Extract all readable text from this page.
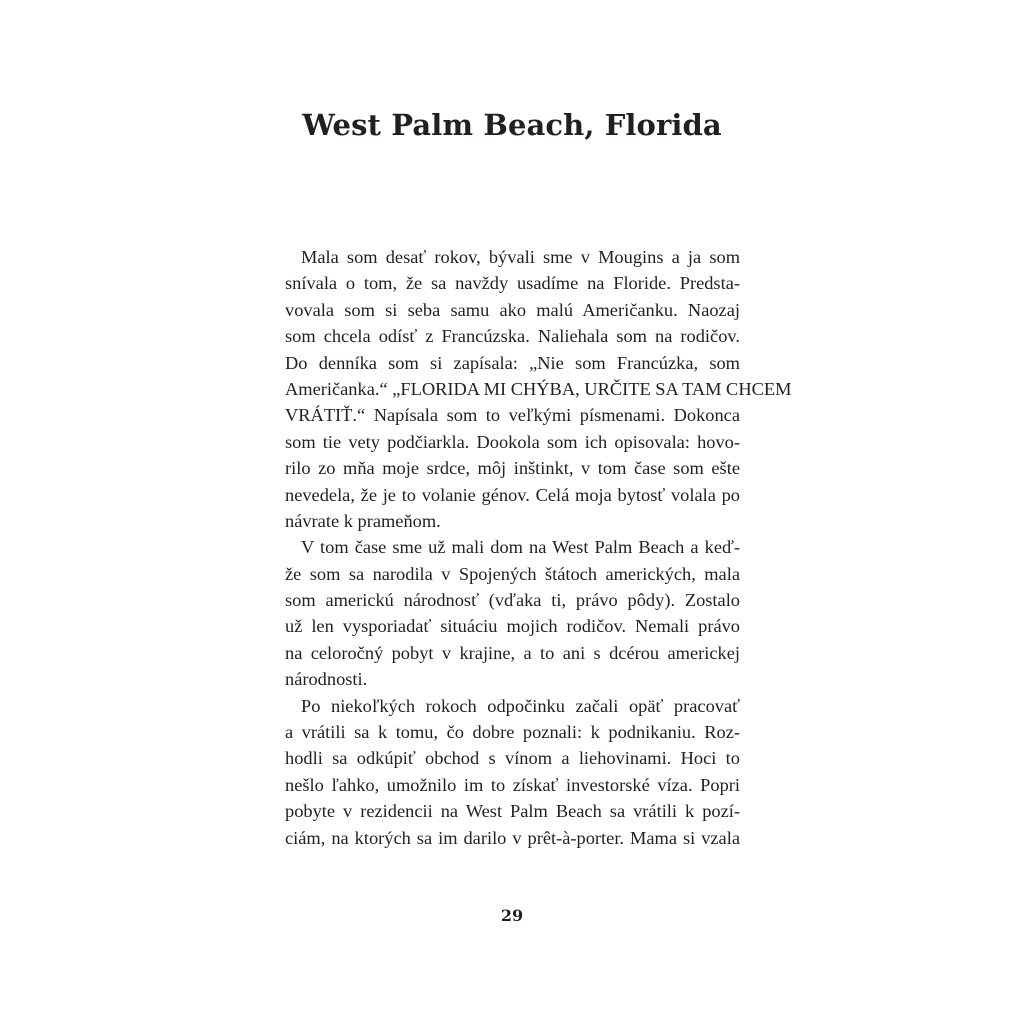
West Palm Beach, Florida
Mala som desať rokov, bývali sme v Mougins a ja som
snívala o tom, že sa navždy usadíme na Floride. Predsta-
vovala som si seba samu ako malú Američanku. Naozaj
som chcela odísť z Francúzska. Naliehala som na rodičov.
Do denníka som si zapísala: „Nie som Francúzka, som
Američanka.“ „FLORIDA MI CHÝBA, URČITE SA TAM CHCEM
VRÁTIŤ.“ Napísala som to veľkými písmenami. Dokonca
som tie vety podčiarkla. Dookola som ich opisovala: hovo-
rilo zo mňa moje srdce, môj inštinkt, v tom čase som ešte
nevedela, že je to volanie génov. Celá moja bytosť volala po
návrate k prameňom.
V tom čase sme už mali dom na West Palm Beach a keď-
že som sa narodila v Spojených štátoch amerických, mala
som americkú národnosť (vďaka ti, právo pôdy). Zostalo
už len vysporiadať situáciu mojich rodičov. Nemali právo
na celoročný pobyt v krajine, a to ani s dcérou americkej
národnosti.
Po niekoľkých rokoch odpočinku začali opäť pracovať
a vrátili sa k tomu, čo dobre poznali: k podnikaniu. Roz-
hodli sa odkúpiť obchod s vínom a liehovinami. Hoci to
nešlo ľahko, umožnilo im to získať investorské víza. Popri
pobyte v rezidencii na West Palm Beach sa vrátili k pozí-
ciám, na ktorých sa im darilo v prêt-à-porter. Mama si vzala
29
